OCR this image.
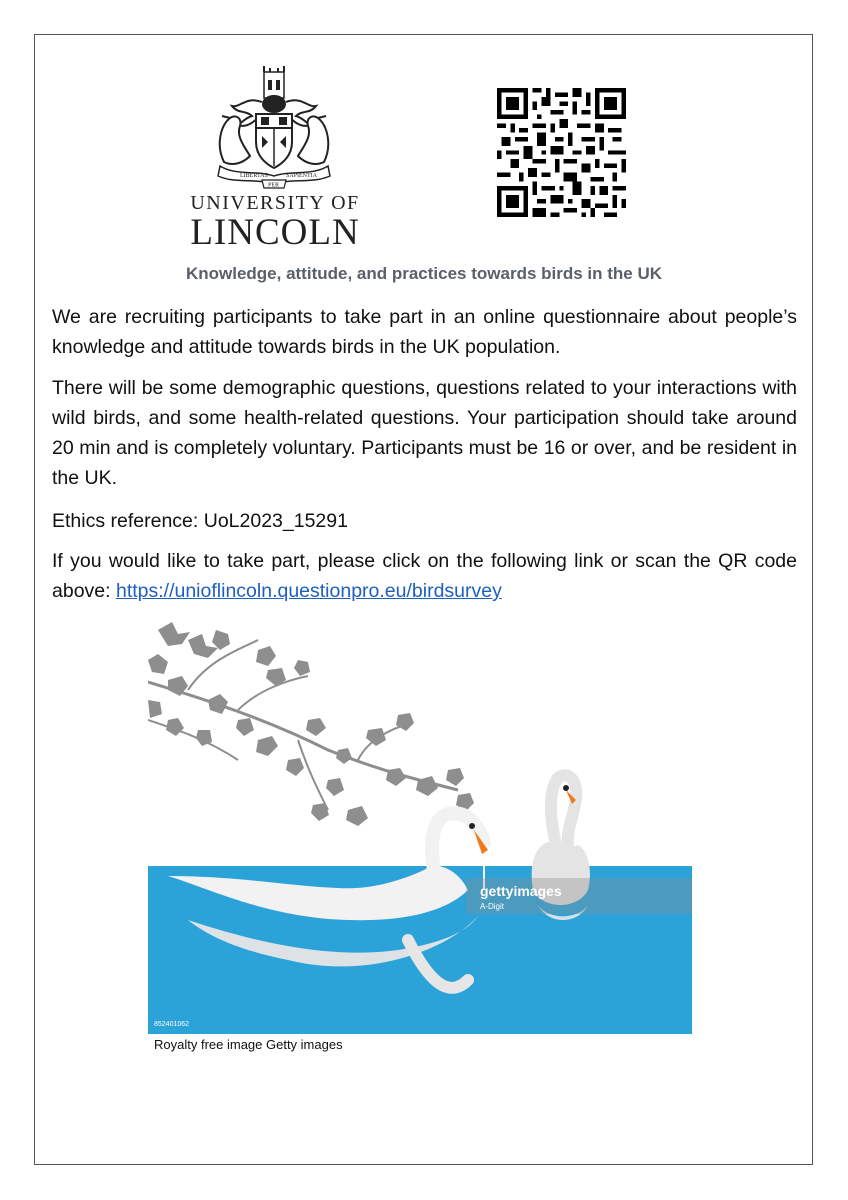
LIBERTAS	SAPIENTIA
PER
UNIVERSITY OF
LINCOLN
Knowledge, attitude, and practices towards birds in the UK
We are recruiting participants to take part in an online questionnaire about people’s knowledge and attitude towards birds in the UK population.
There will be some demographic questions, questions related to your interactions with wild birds, and some health-related questions. Your participation should take around 20 min and is completely voluntary. Participants must be 16 or over, and be resident in the UK.
Ethics reference: UoL2023_15291
If you would like to take part, please click on the following link or scan the QR code above: https://unioflincoln.questionpro.eu/birdsurvey
gettyimages
A-Digit
852401062
Royalty free image Getty images
